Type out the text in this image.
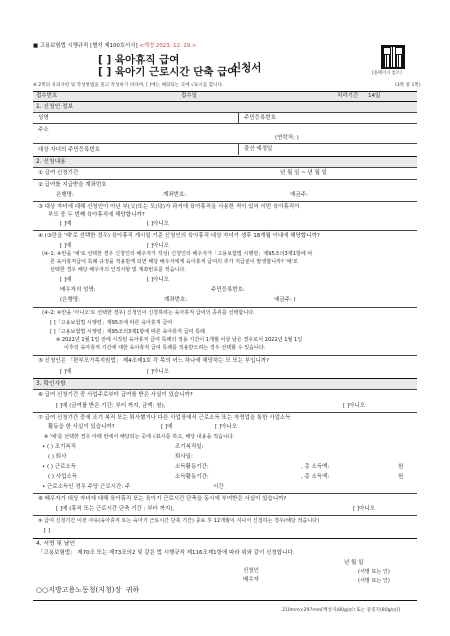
■ 고용보험법 시행규칙 [별지 제100호서식] <개정 2023. 12. 29.>
[홈페이지 참조]
[ ] 육아휴직 급여
[ ] 육아기 근로시간 단축 급여
신청서
※ 2쪽의 유의사항 및 작성방법을 읽고 작성하기 바라며, [ ]에는 해당되는 곳에 √표시를 합니다.	(3쪽 중 1쪽)
접수번호	접수일	처리기간 14일
1. 신청인 정보
성명	주민등록번호
주소
(연락처: )
대상 자녀의 주민등록번호	출산 예정일
2. 신청내용
① 급여 신청기간	년 월 일 ~ 년 월 일
② 급여를 지급받을 계좌번호
은행명:	계좌번호:	예금주:
③ 대상 자녀에 대해 신청인이 아닌 부(父)또는 모(母)가 과거에 육아휴직을 사용한 적이 있어 이번 육아휴직이
부모 중 두 번째 육아휴직에 해당합니까?
[ ]예	[ ]아니오
④ (③란을 '예'로 선택한 경우) 육아휴직 개시일 기준 신청인의 육아휴직 대상 자녀가 생후 18개월 이내에 해당합니까?
[ ]예	[ ]아니오
(④-1: ④란을 '예'로 선택한 경우 신청인의 배우자가 작성) 신청인의 배우자가「고용보험법 시행령」제95조의3제1항에 따
른 육아휴직급여 특례 규정을 적용받게 되면 해당 배우자에게 육아휴직 급여의 추가 지급분이 발생합니까? '예'로
선택한 경우 해당 배우자의 인적사항 및 계좌번호를 적습니다.
[ ]예	[ ]아니오
배우자의 성명:	주민등록번호:
(은행명:	계좌번호:	예금주: )
(④-2: ④란을 '아니오'로 선택한 경우) 신청인이 신청하려는 육아휴직 급여의 종류를 선택합니다.
[ ]「고용보험법 시행령」제95조에 따른 육아휴직 급여
[ ]「고용보험법 시행령」제95조의3제1항에 따른 육아휴직 급여 특례
※ 2022년 1월 1일 전에 시작된 육아휴직 급여 특례의 적용 기간이 1개월 이상 남은 경우로서 2022년 1월 1일
이후의 육아휴직 기간에 대한 육아휴직 급여 특례를 적용받으려는 경우 선택할 수 있습니다.
⑤ 신청인은 「한부모가족지원법」 제4조제1호 각 목의 어느 하나에 해당하는 모 또는 부입니까?
[ ]예	[ ]아니오
3. 확인사항
⑥ 급여 신청기간 중 사업주로부터 급여를 받은 사실이 있습니까?
[ ]예 (금여를 받은 기간: 부터 까지, 금액: 원),	[ ]아니오
⑦ 급여 신청기간 중에 조기 복직 또는 퇴사했거나 다른 사업장에서 근로소득 또는 자영업을 통한 사업소득
활동을 한 사실이 있습니까?	[ ]예	[ ]아니오
※ '예'를 선택한 경우 아래 란에서 해당되는 곳에 √표시를 하고, 해당 내용을 적습니다.
• ( ) 조기복직	조기복직일:
( ) 퇴사	퇴사일:
• ( ) 근로소득	소득활동기간:	, 총 소득액:	원
( ) 사업소득	소득활동기간:	, 총 소득액:	원
• 근로소득인 경우 주당 근로시간: 주	시간
⑧ 배우자가 대상 자녀에 대해 육아휴직 또는 육아기 근로시간 단축을 동시에 부여받은 사실이 있습니까?
[ ]예 (휴직 또는 근로시간 단축 기간 : 부터 까지),	[ ]아니오
⑨ 급여 신청기간 이전 사유(육아휴직 또는 육아기 근로시간 단축 기간) 종료 후 12개월이 지나서 신청하는 경우(해당 적습니다)
[ ]
4. 서명 및 날인
「고용보험법」 제70조 또는 제73조의2 및 같은 법 시행규칙 제116조제1항에 따라 위와 같이 신청합니다.
년 월 일
신청인	(서명 또는 인)
배우자	(서명 또는 인)
○○지방고용노동청(지청)장 귀하
210mm×297mm[백상지(80g/㎡) 또는 중질지(80g/㎡)]
